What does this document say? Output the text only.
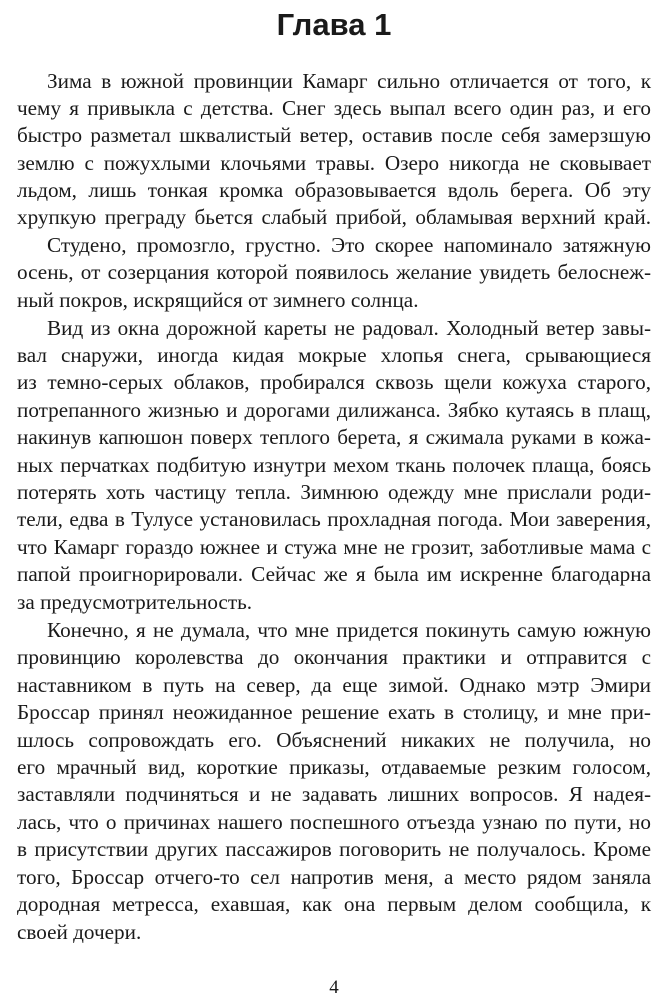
Глава 1
Зима в южной провинции Камарг сильно отличается от того, к
чему я привыкла с детства. Снег здесь выпал всего один раз, и его
быстро разметал шквалистый ветер, оставив после себя замерзшую
землю с пожухлыми клочьями травы. Озеро никогда не сковывает
льдом, лишь тонкая кромка образовывается вдоль берега. Об эту
хрупкую преграду бьется слабый прибой, обламывая верхний край.
Студено, промозгло, грустно. Это скорее напоминало затяжную
осень, от созерцания которой появилось желание увидеть белоснеж-
ный покров, искрящийся от зимнего солнца.
Вид из окна дорожной кареты не радовал. Холодный ветер завы-
вал снаружи, иногда кидая мокрые хлопья снега, срывающиеся
из темно-серых облаков, пробирался сквозь щели кожуха старого,
потрепанного жизнью и дорогами дилижанса. Зябко кутаясь в плащ,
накинув капюшон поверх теплого берета, я сжимала руками в кожа-
ных перчатках подбитую изнутри мехом ткань полочек плаща, боясь
потерять хоть частицу тепла. Зимнюю одежду мне прислали роди-
тели, едва в Тулусе установилась прохладная погода. Мои заверения,
что Камарг гораздо южнее и стужа мне не грозит, заботливые мама с
папой проигнорировали. Сейчас же я была им искренне благодарна
за предусмотрительность.
Конечно, я не думала, что мне придется покинуть самую южную
провинцию королевства до окончания практики и отправится с
наставником в путь на север, да еще зимой. Однако мэтр Эмири
Броссар принял неожиданное решение ехать в столицу, и мне при-
шлось сопровождать его. Объяснений никаких не получила, но
его мрачный вид, короткие приказы, отдаваемые резким голосом,
заставляли подчиняться и не задавать лишних вопросов. Я надея-
лась, что о причинах нашего поспешного отъезда узнаю по пути, но
в присутствии других пассажиров поговорить не получалось. Кроме
того, Броссар отчего-то сел напротив меня, а место рядом заняла
дородная метресса, ехавшая, как она первым делом сообщила, к
своей дочери.
4
